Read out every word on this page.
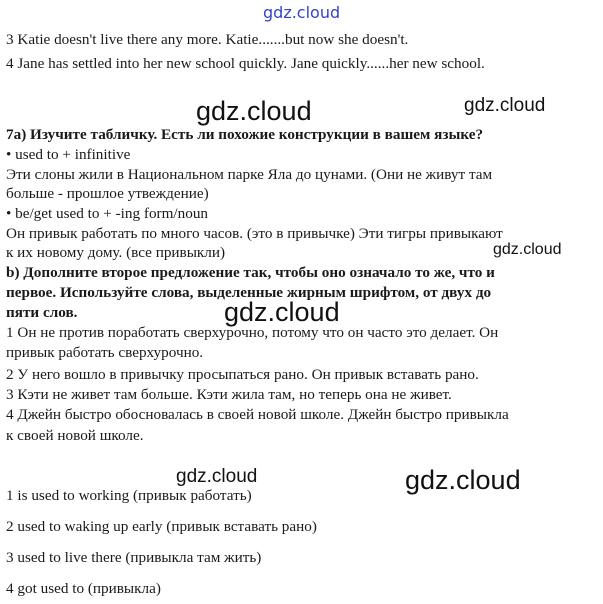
gdz.cloud
3 Katie doesn't live there any more. Katie.......but now she doesn't.
4 Jane has settled into her new school quickly. Jane quickly......her new school.
gdz.cloud	gdz.cloud
7a) Изучите табличку. Есть ли похожие конструкции в вашем языке?
• used to + infinitive
Эти слоны жили в Национальном парке Яла до цунами. (Они не живут там
больше - прошлое утвеждение)
• be/get used to + -ing form/noun
Он привык работать по много часов. (это в привычке) Эти тигры привыкают
к их новому дому. (все привыкли)	gdz.cloud
b) Дополните второе предложение так, чтобы оно означало то же, что и
первое. Используйте слова, выделенные жирным шрифтом, от двух до
пяти слов.	gdz.cloud
1 Он не против поработать сверхурочно, потому что он часто это делает. Он
привык работать сверхурочно.
2 У него вошло в привычку просыпаться рано. Он привык вставать рано.
3 Кэти не живет там больше. Кэти жила там, но теперь она не живет.
4 Джейн быстро обосновалась в своей новой школе. Джейн быстро привыкла
к своей новой школе.
gdz.cloud	gdz.cloud
1 is used to working (привык работать)
2 used to waking up early (привык вставать рано)
3 used to live there (привыкла там жить)
4 got used to (привыкла)
